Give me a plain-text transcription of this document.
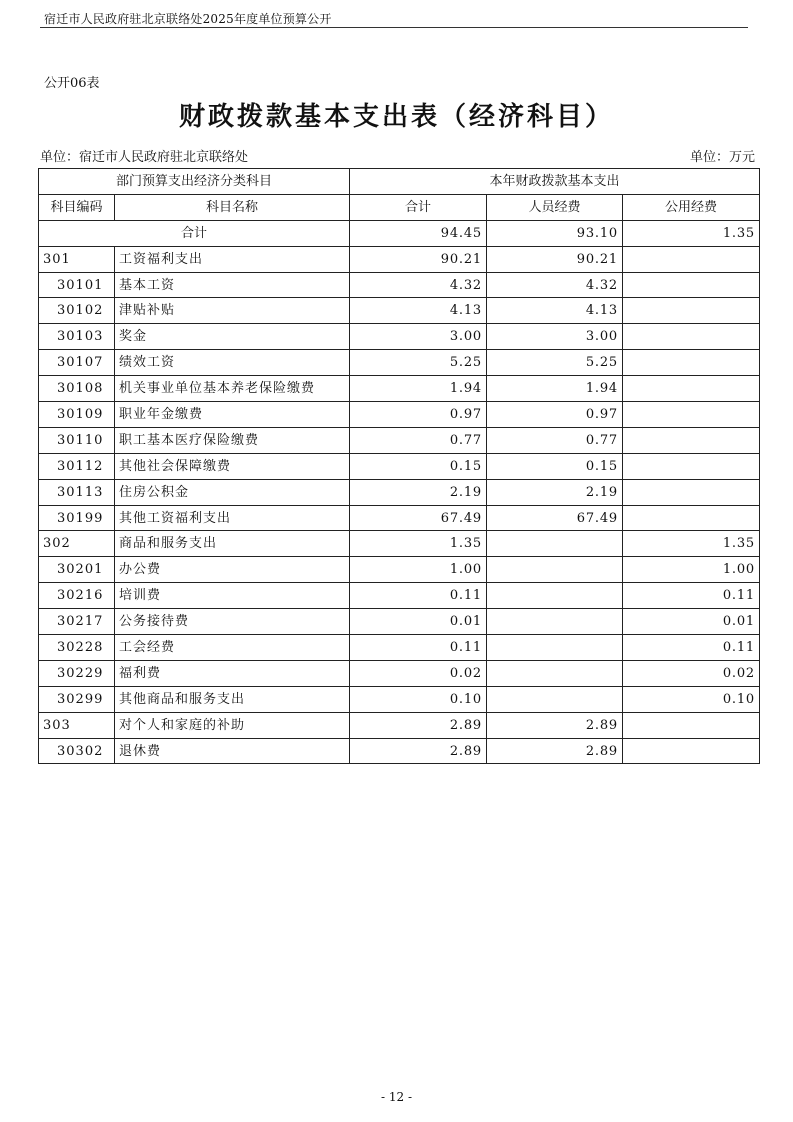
宿迁市人民政府驻北京联络处2025年度单位预算公开
公开06表
财政拨款基本支出表（经济科目）
单位：宿迁市人民政府驻北京联络处	单位：万元
部门预算支出经济分类科目		本年财政拨款基本支出		
科目编码	科目名称	合计	人员经费	公用经费
合计		94.45	93.10	1.35
301	工资福利支出	90.21	90.21	
30101	基本工资	4.32	4.32	
30102	津贴补贴	4.13	4.13	
30103	奖金	3.00	3.00	
30107	绩效工资	5.25	5.25	
30108	机关事业单位基本养老保险缴费	1.94	1.94	
30109	职业年金缴费	0.97	0.97	
30110	职工基本医疗保险缴费	0.77	0.77	
30112	其他社会保障缴费	0.15	0.15	
30113	住房公积金	2.19	2.19	
30199	其他工资福利支出	67.49	67.49	
302	商品和服务支出	1.35		1.35
30201	办公费	1.00		1.00
30216	培训费	0.11		0.11
30217	公务接待费	0.01		0.01
30228	工会经费	0.11		0.11
30229	福利费	0.02		0.02
30299	其他商品和服务支出	0.10		0.10
303	对个人和家庭的补助	2.89	2.89	
30302	退休费	2.89	2.89	
- 12 -
